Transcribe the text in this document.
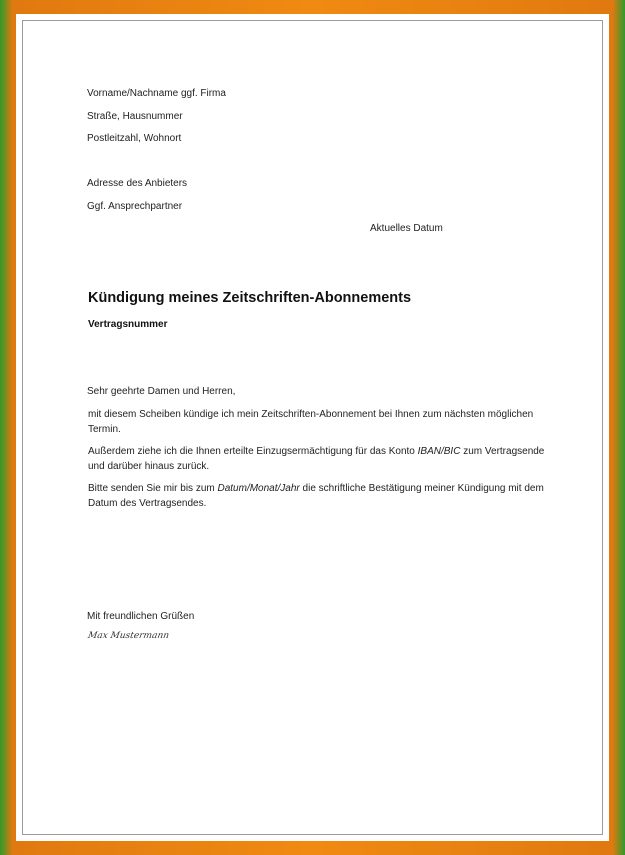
Vorname/Nachname ggf. Firma
Straße, Hausnummer
Postleitzahl, Wohnort
Adresse des Anbieters
Ggf. Ansprechpartner
Aktuelles Datum
Kündigung meines Zeitschriften-Abonnements
Vertragsnummer
Sehr geehrte Damen und Herren,
mit diesem Scheiben kündige ich mein Zeitschriften-Abonnement bei Ihnen zum nächsten möglichen Termin.
Außerdem ziehe ich die Ihnen erteilte Einzugsermächtigung für das Konto IBAN/BIC zum Vertragsende und darüber hinaus zurück.
Bitte senden Sie mir bis zum Datum/Monat/Jahr die schriftliche Bestätigung meiner Kündigung mit dem Datum des Vertragsendes.
Mit freundlichen Grüßen
Max Mustermann
